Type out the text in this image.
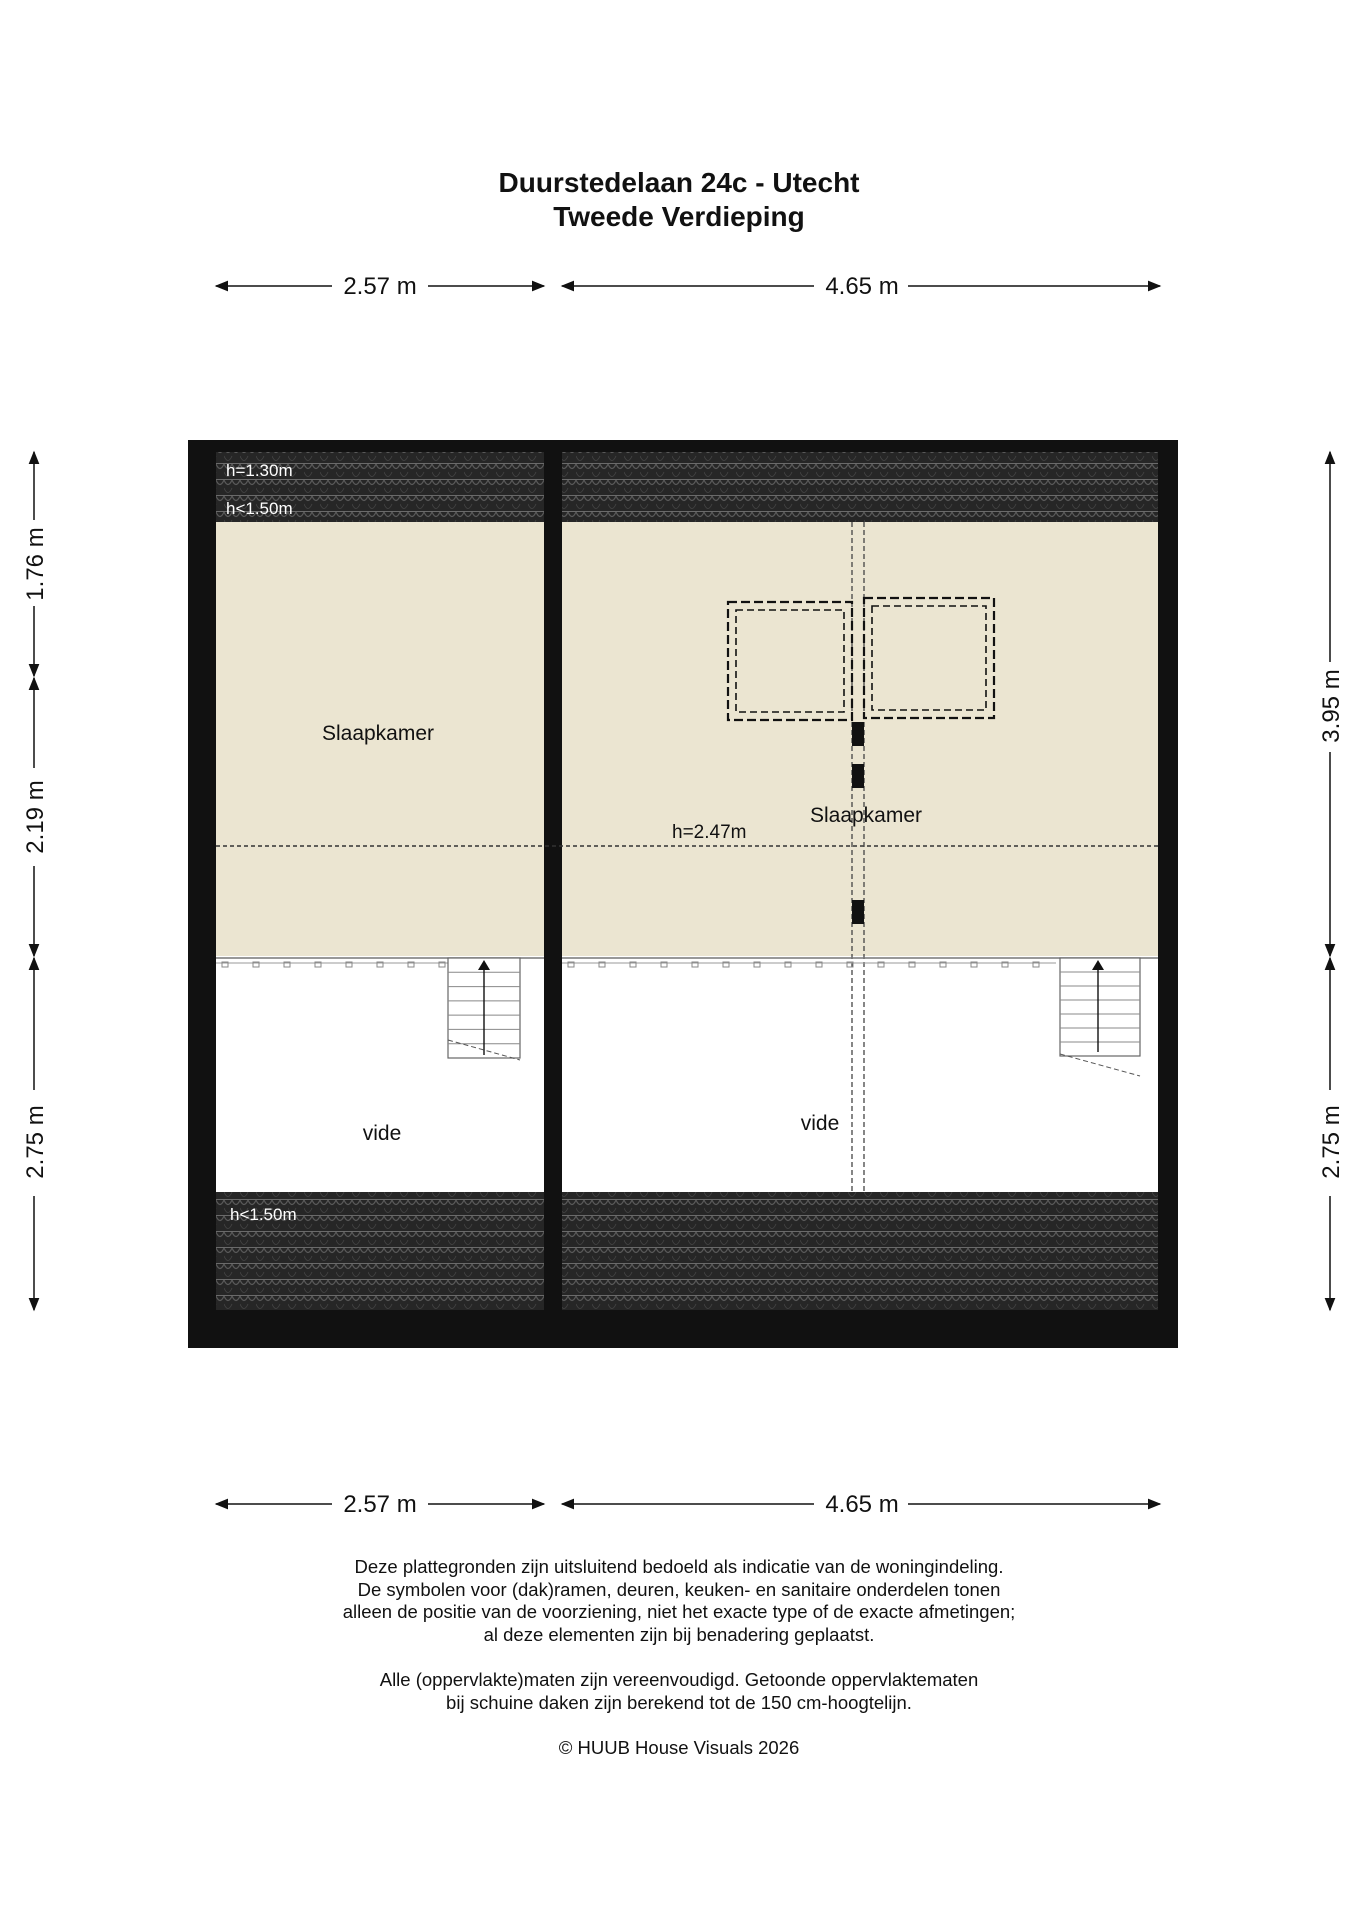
Duurstedelaan 24c - Utecht
Tweede Verdieping
Slaapkamer
Slaapkamer
vide	vide
h=1.30m
h<1.50m
h=2.47m
h<1.50m
2.57 m	4.65 m
2.57 m	4.65 m
1.76 m
2.19 m
2.75 m
3.95 m
2.75 m
Deze plattegronden zijn uitsluitend bedoeld als indicatie van de woningindeling.
De symbolen voor (dak)ramen, deuren, keuken- en sanitaire onderdelen tonen
alleen de positie van de voorziening, niet het exacte type of de exacte afmetingen;
al deze elementen zijn bij benadering geplaatst.
Alle (oppervlakte)maten zijn vereenvoudigd. Getoonde oppervlaktematen
bij schuine daken zijn berekend tot de 150 cm-hoogtelijn.
© HUUB House Visuals 2026
